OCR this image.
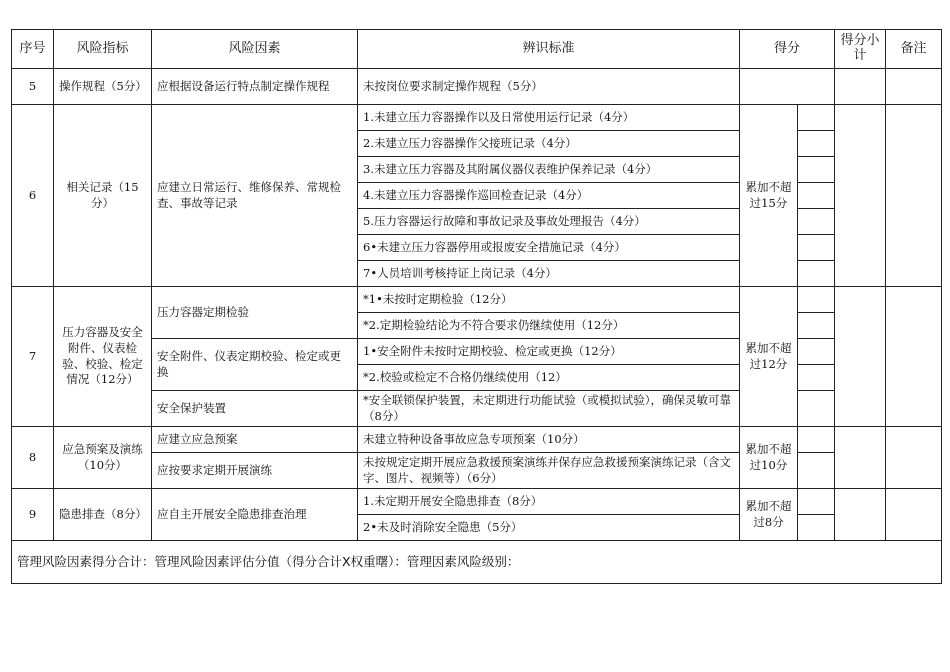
序号	风险指标	风险因素	辨识标准	得分		得分小计	备注
5	操作规程（5分）	应根据设备运行特点制定操作规程	未按岗位要求制定操作规程（5分）				
6	相关记录（15分）	应建立日常运行、维修保养、常规检查、事故等记录	1.未建立压力容器操作以及日常使用运行记录（4分）	累加不超过15分			
			2.未建立压力容器操作父接班记录（4分）				
			3.未建立压力容器及其附属仪器仪表维护保养记录（4分）				
			4.未建立压力容器操作巡回检查记录（4分）				
			5.压力容器运行故障和事故记录及事故处理报告（4分）				
			6•未建立压力容器停用或报废安全措施记录（4分）				
			7•人员培训考核持证上岗记录（4分）				
7	压力容器及安全附件、仪表检验、校验、检定情况（12分）	压力容器定期检验	*1•未按时定期检验（12分）	累加不超过12分			
			*2.定期检验结论为不符合要求仍继续使用（12分）				
		安全附件、仪表定期校验、检定或更换	1•安全附件未按时定期校验、检定或更换（12分）				
			*2.校验或检定不合格仍继续使用（12）				
		安全保护装置	*安全联锁保护装置，未定期进行功能试验（或模拟试验），确保灵敏可靠（8分）				
8	应急预案及演练（10分）	应建立应急预案	未建立特种设备事故应急专项预案（10分）	累加不超过10分			
		应按要求定期开展演练	未按规定定期开展应急救援预案演练并保存应急救援预案演练记录（含文字、图片、视频等）（6分）				
9	隐患排查（8分）	应自主开展安全隐患排查治理	1.未定期开展安全隐患排查（8分）	累加不超过8分			
			2•未及时消除安全隐患（5分）				
管理风险因素得分合计：管理风险因素评估分值（得分合计X权重曙）：管理因素风险级别：							
